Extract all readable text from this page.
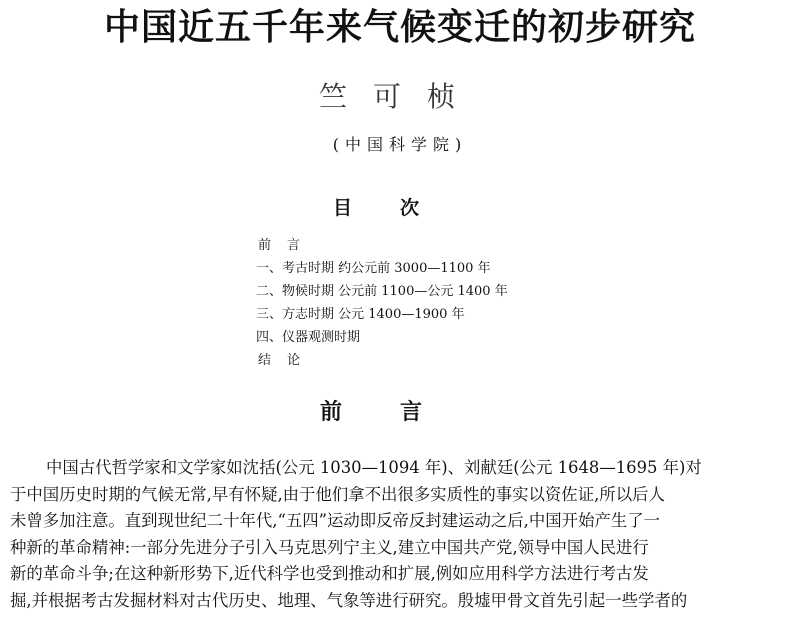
中国近五千年来气候变迁的初步研究
竺可桢
(中国科学院)
目次
前言
一、考古时期 约公元前 3000—1100 年
二、物候时期 公元前 1100—公元 1400 年
三、方志时期 公元 1400—1900 年
四、仪器观测时期
结论
前言
中国古代哲学家和文学家如沈括(公元 1030—1094 年)、刘献廷(公元 1648—1695 年)对
于中国历史时期的气候无常,早有怀疑,由于他们拿不出很多实质性的事实以资佐证,所以后人
未曾多加注意。直到现世纪二十年代,“五四”运动即反帝反封建运动之后,中国开始产生了一
种新的革命精神:一部分先进分子引入马克思列宁主义,建立中国共产党,领导中国人民进行
新的革命斗争;在这种新形势下,近代科学也受到推动和扩展,例如应用科学方法进行考古发
掘,并根据考古发掘材料对古代历史、地理、气象等进行研究。殷墟甲骨文首先引起一些学者的
